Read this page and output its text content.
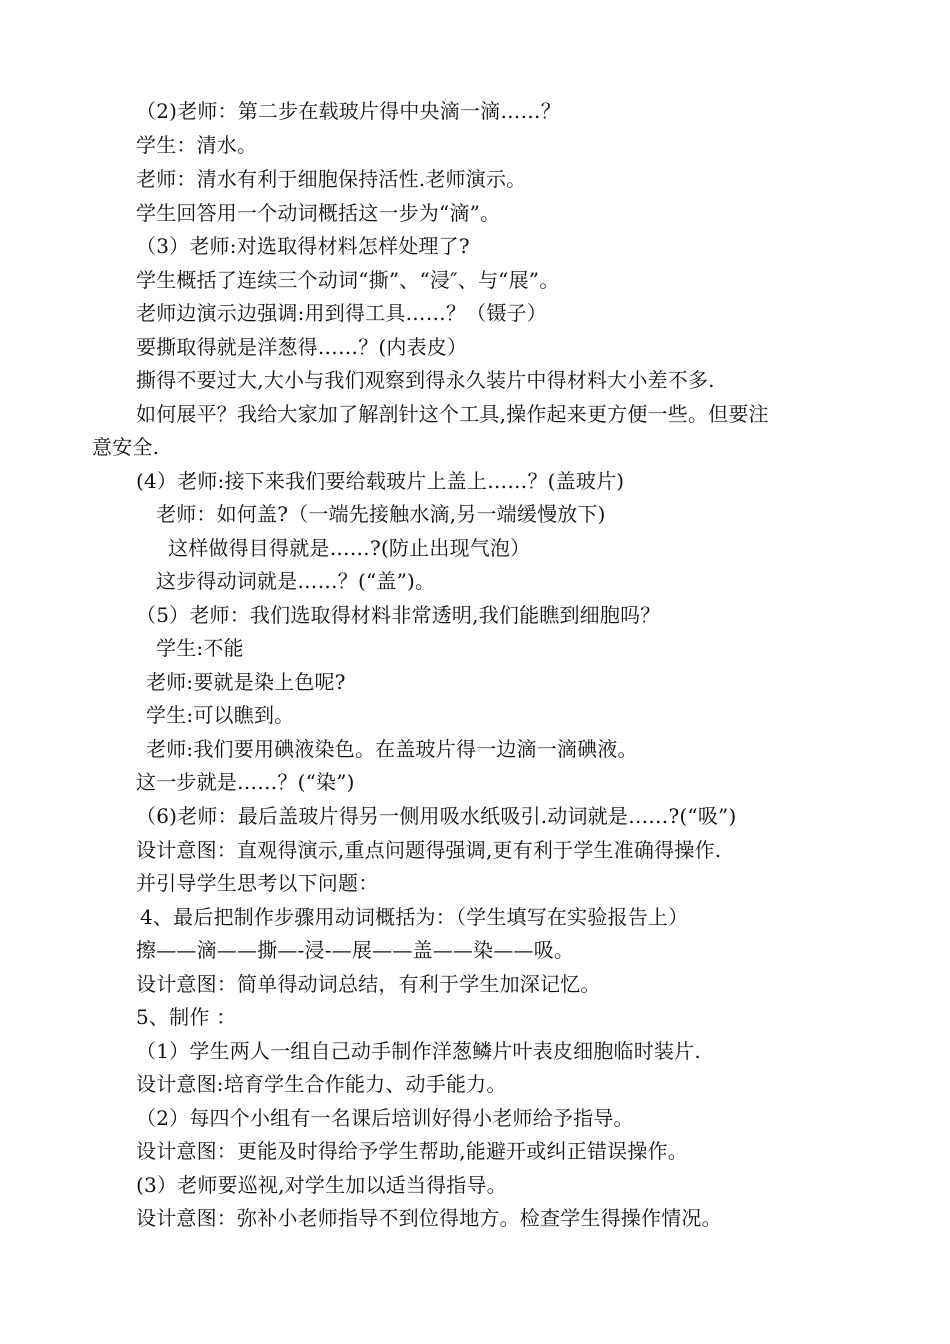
（2)老师：第二步在载玻片得中央滴一滴……？
学生：清水。
老师：清水有利于细胞保持活性.老师演示。
学生回答用一个动词概括这一步为“滴”。
（3）老师:对选取得材料怎样处理了?
学生概括了连续三个动词“撕”、“浸″、与“展”。
老师边演示边强调:用到得工具……？（镊子）
要撕取得就是洋葱得……？(内表皮）
撕得不要过大,大小与我们观察到得永久装片中得材料大小差不多.
如何展平？我给大家加了解剖针这个工具,操作起来更方便一些。但要注
意安全.
(4）老师:接下来我们要给载玻片上盖上……？(盖玻片)
老师：如何盖?（一端先接触水滴,另一端缓慢放下)
这样做得目得就是……?(防止出现气泡）
这步得动词就是……？(“盖”)。
（5）老师：我们选取得材料非常透明,我们能瞧到细胞吗？
学生:不能
老师:要就是染上色呢?
学生:可以瞧到。
老师:我们要用碘液染色。在盖玻片得一边滴一滴碘液。
这一步就是……？(“染”)
（6)老师：最后盖玻片得另一侧用吸水纸吸引.动词就是……?(“吸”)
设计意图：直观得演示,重点问题得强调,更有利于学生准确得操作.
并引导学生思考以下问题：
4、最后把制作步骤用动词概括为：（学生填写在实验报告上）
擦——滴——撕—-浸-—展——盖——染——吸。
设计意图：简单得动词总结，有利于学生加深记忆。
5、制作 ：
（1）学生两人一组自己动手制作洋葱鳞片叶表皮细胞临时装片.
设计意图:培育学生合作能力、动手能力。
（2）每四个小组有一名课后培训好得小老师给予指导。
设计意图：更能及时得给予学生帮助,能避开或纠正错误操作。
(3）老师要巡视,对学生加以适当得指导。
设计意图：弥补小老师指导不到位得地方。检查学生得操作情况。
